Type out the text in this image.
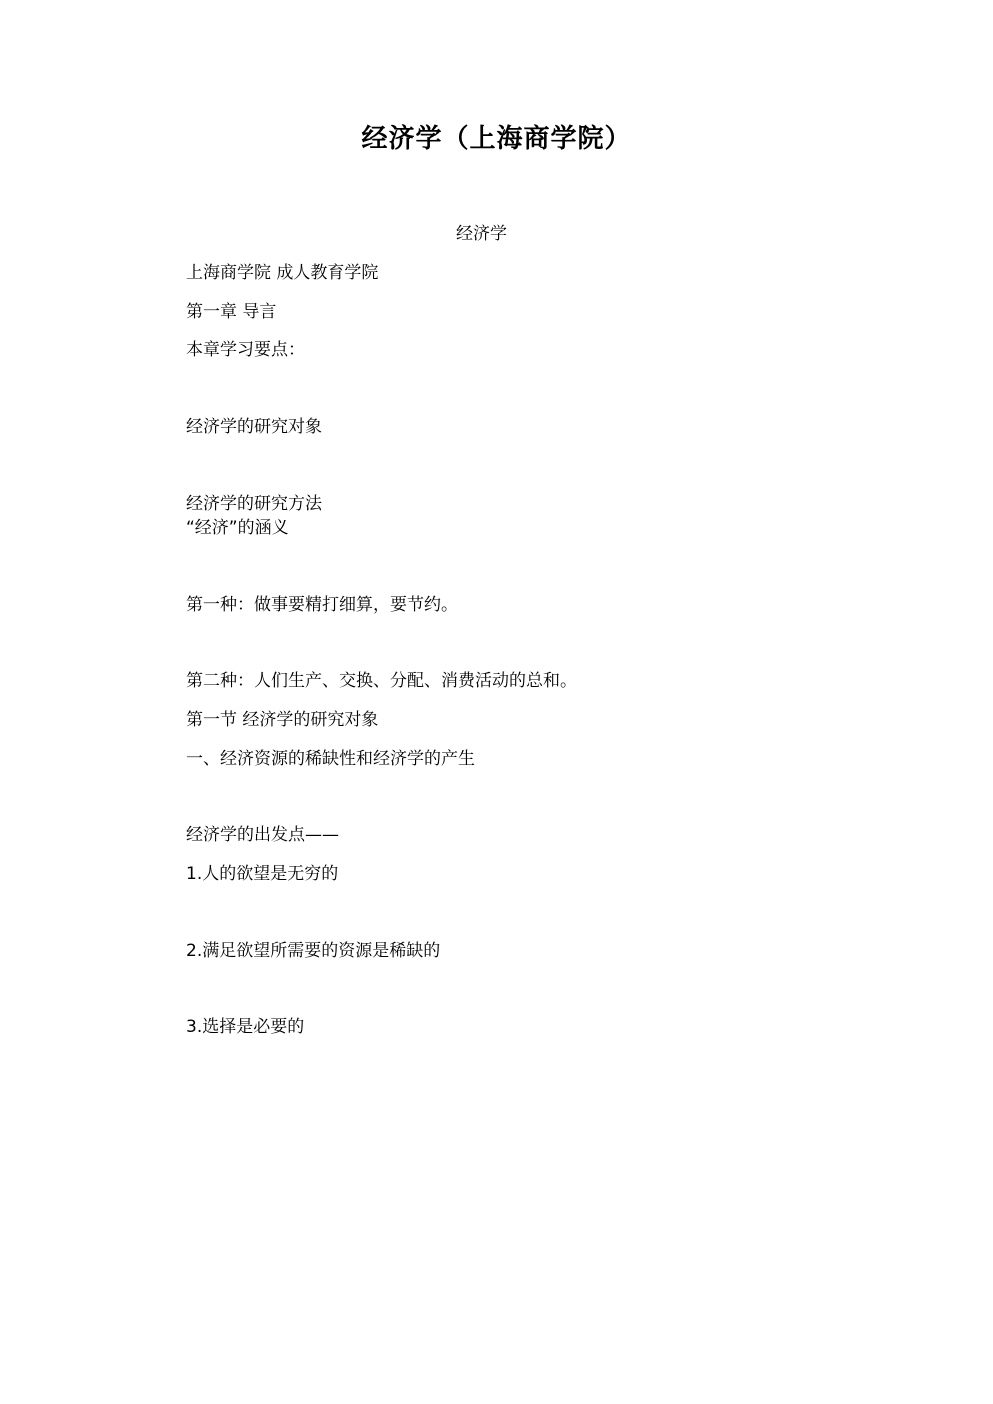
经济学（上海商学院）

经济学

上海商学院 成人教育学院

第一章 导言

本章学习要点：

经济学的研究对象

经济学的研究方法

“经济”的涵义

第一种：做事要精打细算，要节约。

第二种：人们生产、交换、分配、消费活动的总和。

第一节 经济学的研究对象

一、经济资源的稀缺性和经济学的产生

经济学的出发点——

1.人的欲望是无穷的

2.满足欲望所需要的资源是稀缺的

3.选择是必要的
